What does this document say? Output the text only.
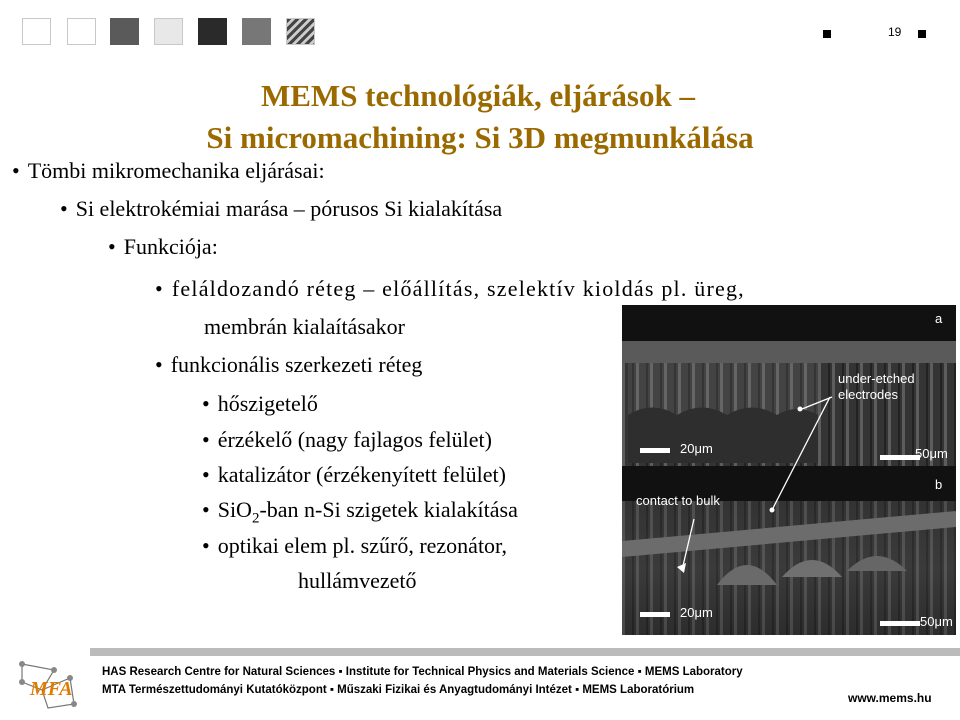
19
MEMS technológiák, eljárások –
Si micromachining: Si 3D megmunkálása
• Tömbi mikromechanika eljárásai:
• Si elektrokémiai marása – pórusos Si kialakítása
• Funkciója:
• feláldozandó réteg – előállítás, szelektív kioldás pl. üreg,
membrán kialaításakor
• funkcionális szerkezeti réteg
• hőszigetelő
• érzékelő (nagy fajlagos felület)
• katalizátor (érzékenyített felület)
• SiO$_2$-ban n-Si szigetek kialakítása
• optikai elem pl. szűrő, rezonátor,
hullámvezető
a
under-etched
electrodes
20μm	50μm
b
contact to bulk
20μm
50μm
MFA
HAS Research Centre for Natural Sciences ▪ Institute for Technical Physics and Materials Science ▪ MEMS Laboratory
MTA Természettudományi Kutatóközpont ▪ Műszaki Fizikai és Anyagtudományi Intézet ▪ MEMS Laboratórium
www.mems.hu
